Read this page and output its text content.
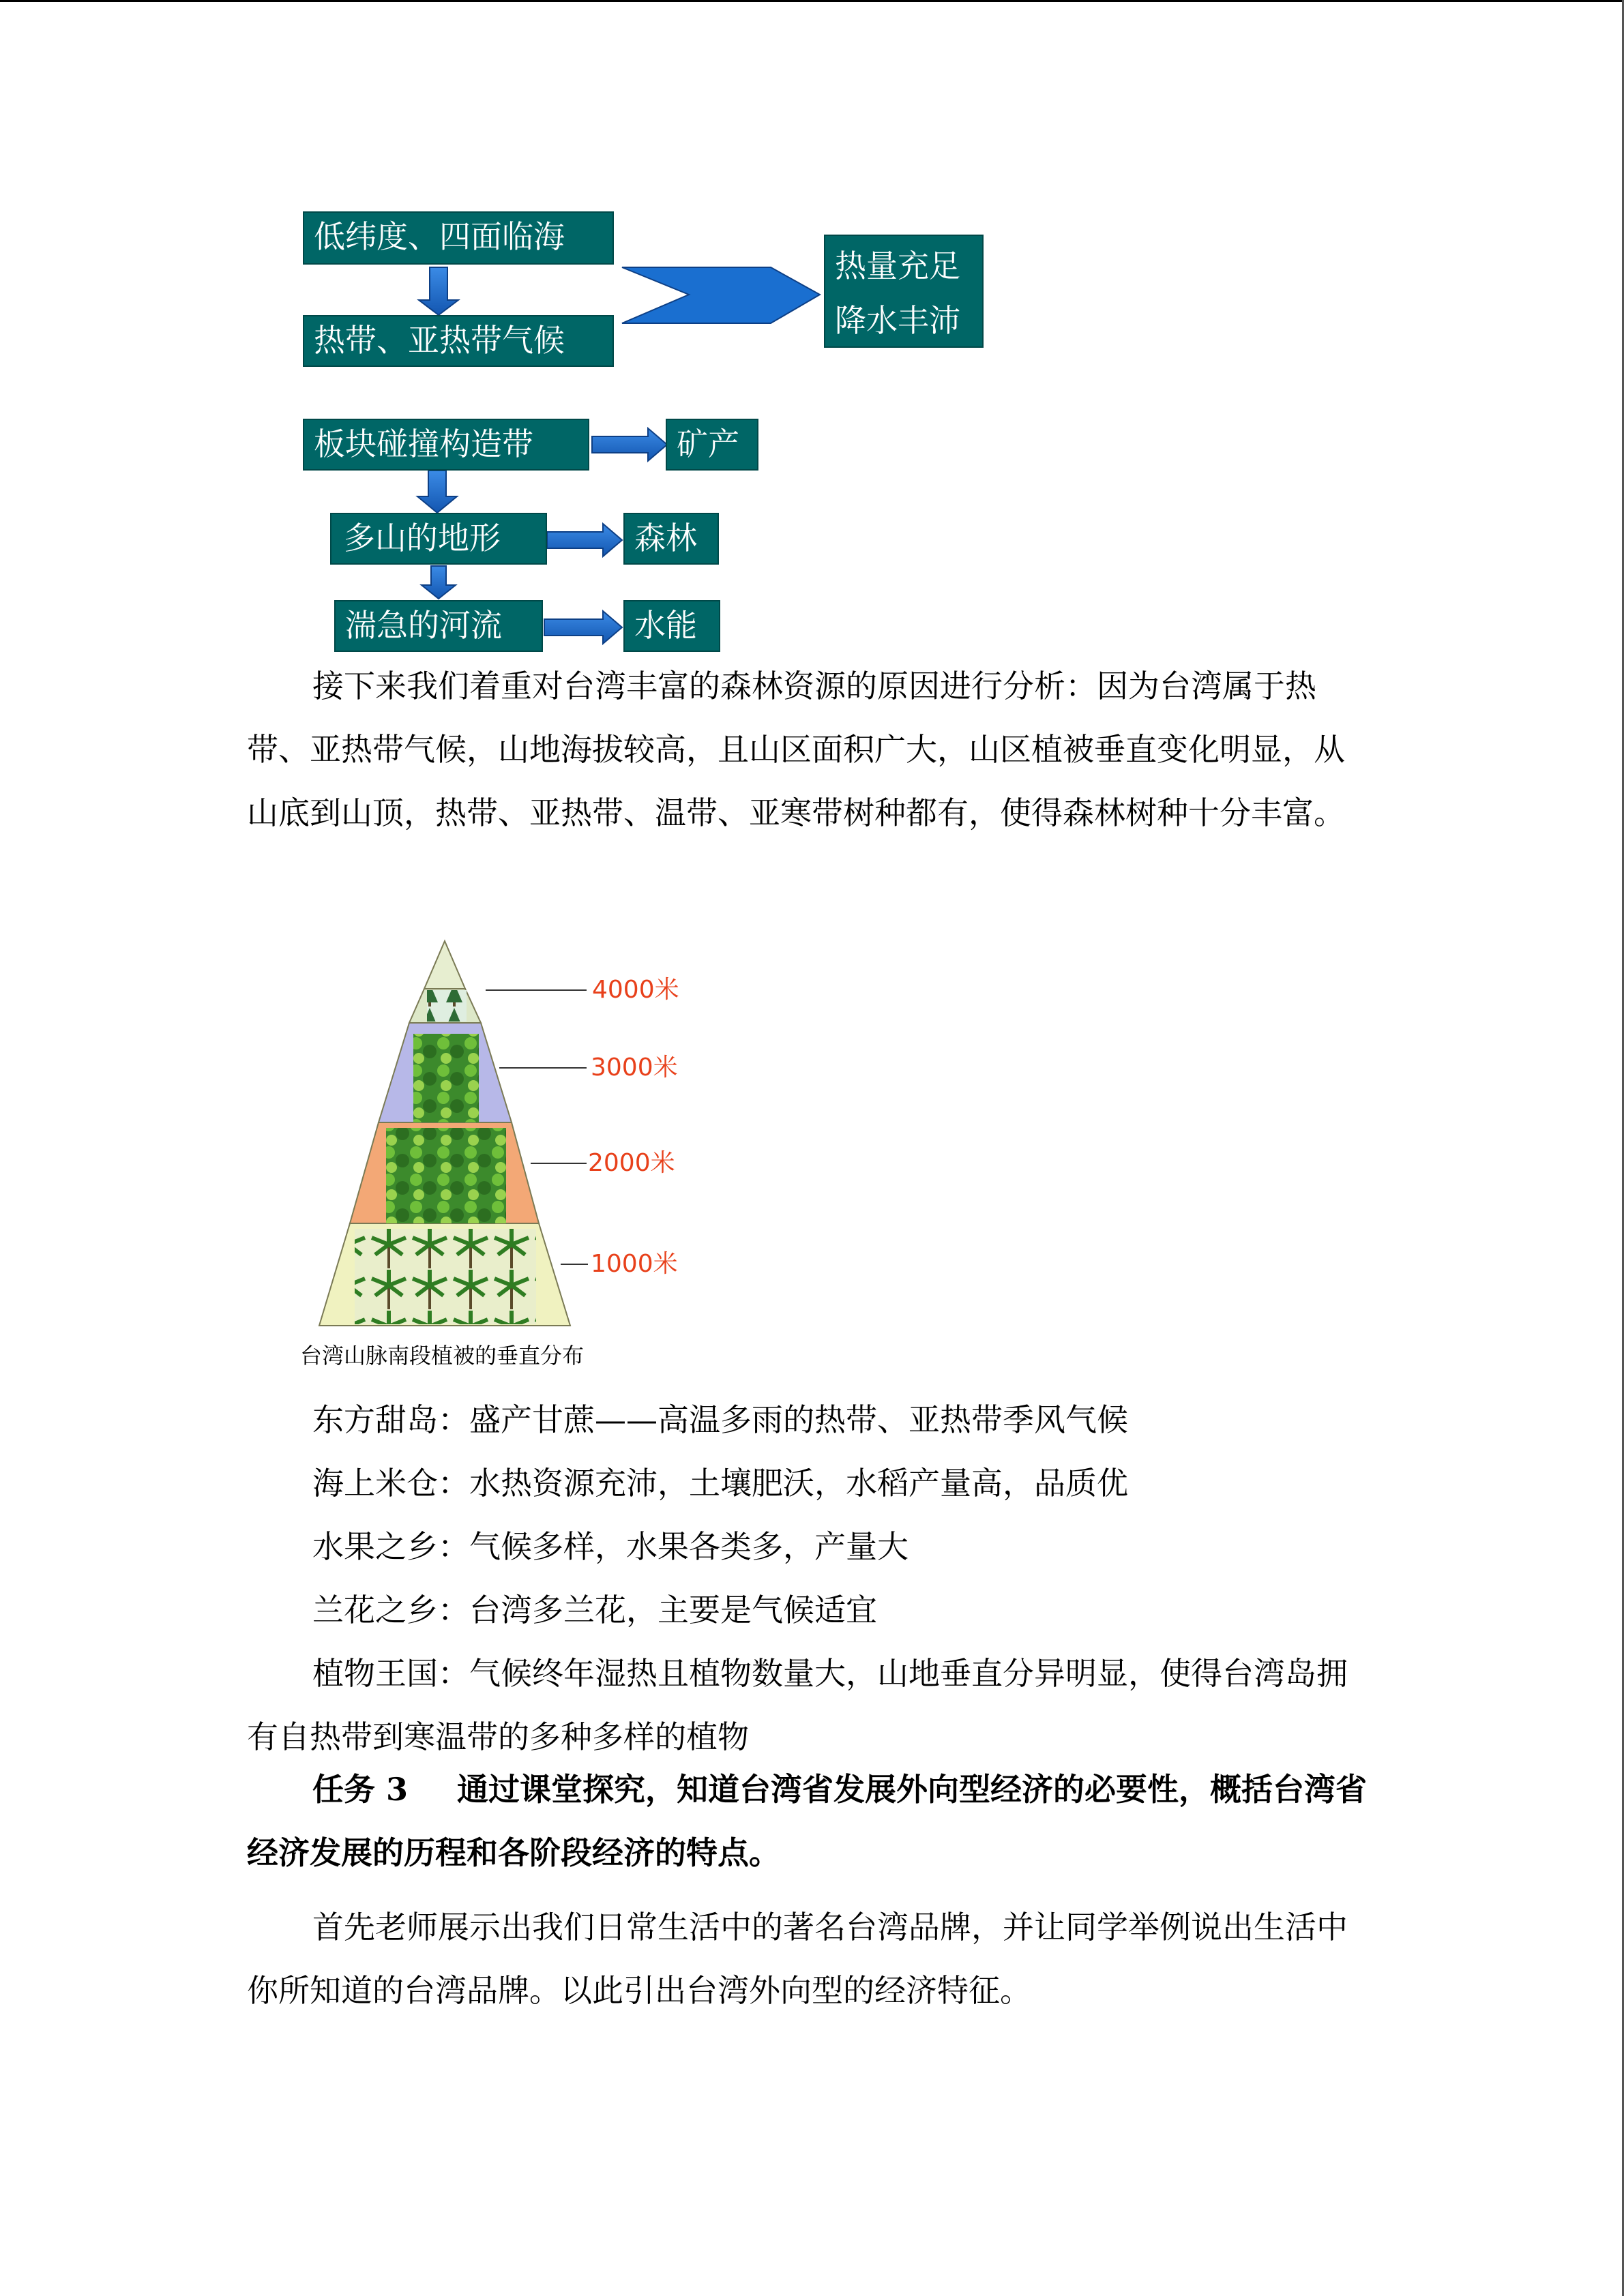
低纬度、四面临海
热带、亚热带气候
热量充足
降水丰沛
板块碰撞构造带	矿产
多山的地形	森林
湍急的河流	水能

接下来我们着重对台湾丰富的森林资源的原因进行分析：因为台湾属于热带、亚热带气候，山地海拔较高，且山区面积广大，山区植被垂直变化明显，从山底到山顶，热带、亚热带、温带、亚寒带树种都有，使得森林树种十分丰富。

4000米
3000米
2000米
1000米
台湾山脉南段植被的垂直分布

东方甜岛：盛产甘蔗——高温多雨的热带、亚热带季风气候

海上米仓：水热资源充沛，土壤肥沃，水稻产量高，品质优

水果之乡：气候多样，水果各类多，产量大

兰花之乡：台湾多兰花，主要是气候适宜

植物王国：气候终年湿热且植物数量大，山地垂直分异明显，使得台湾岛拥有自热带到寒温带的多种多样的植物

任务 3 通过课堂探究，知道台湾省发展外向型经济的必要性，概括台湾省经济发展的历程和各阶段经济的特点。

首先老师展示出我们日常生活中的著名台湾品牌，并让同学举例说出生活中你所知道的台湾品牌。以此引出台湾外向型的经济特征。
